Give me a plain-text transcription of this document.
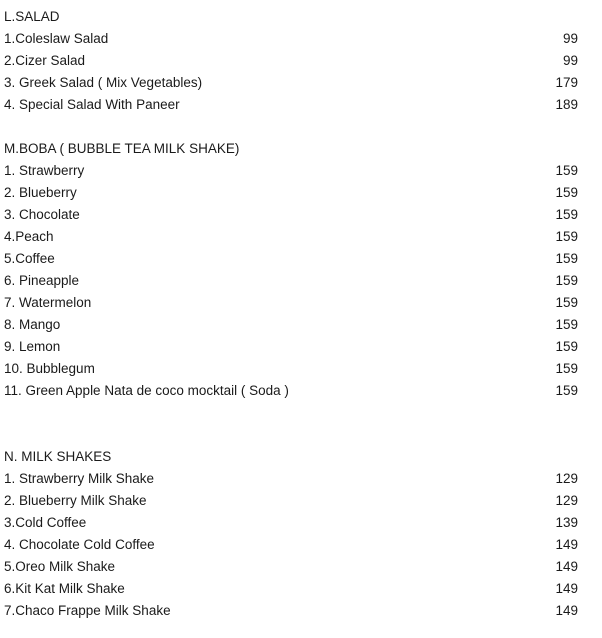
L.SALAD
1.Coleslaw Salad	99
2.Cizer Salad	99
3. Greek Salad ( Mix Vegetables)	179
4. Special Salad With Paneer	189
M.BOBA ( BUBBLE TEA MILK SHAKE)
1. Strawberry	159
2. Blueberry	159
3. Chocolate	159
4.Peach	159
5.Coffee	159
6. Pineapple	159
7. Watermelon	159
8. Mango	159
9. Lemon	159
10. Bubblegum	159
11. Green Apple Nata de coco mocktail ( Soda )	159
N. MILK SHAKES
1. Strawberry Milk Shake	129
2. Blueberry Milk Shake	129
3.Cold Coffee	139
4. Chocolate Cold Coffee	149
5.Oreo Milk Shake	149
6.Kit Kat Milk Shake	149
7.Chaco Frappe Milk Shake	149
